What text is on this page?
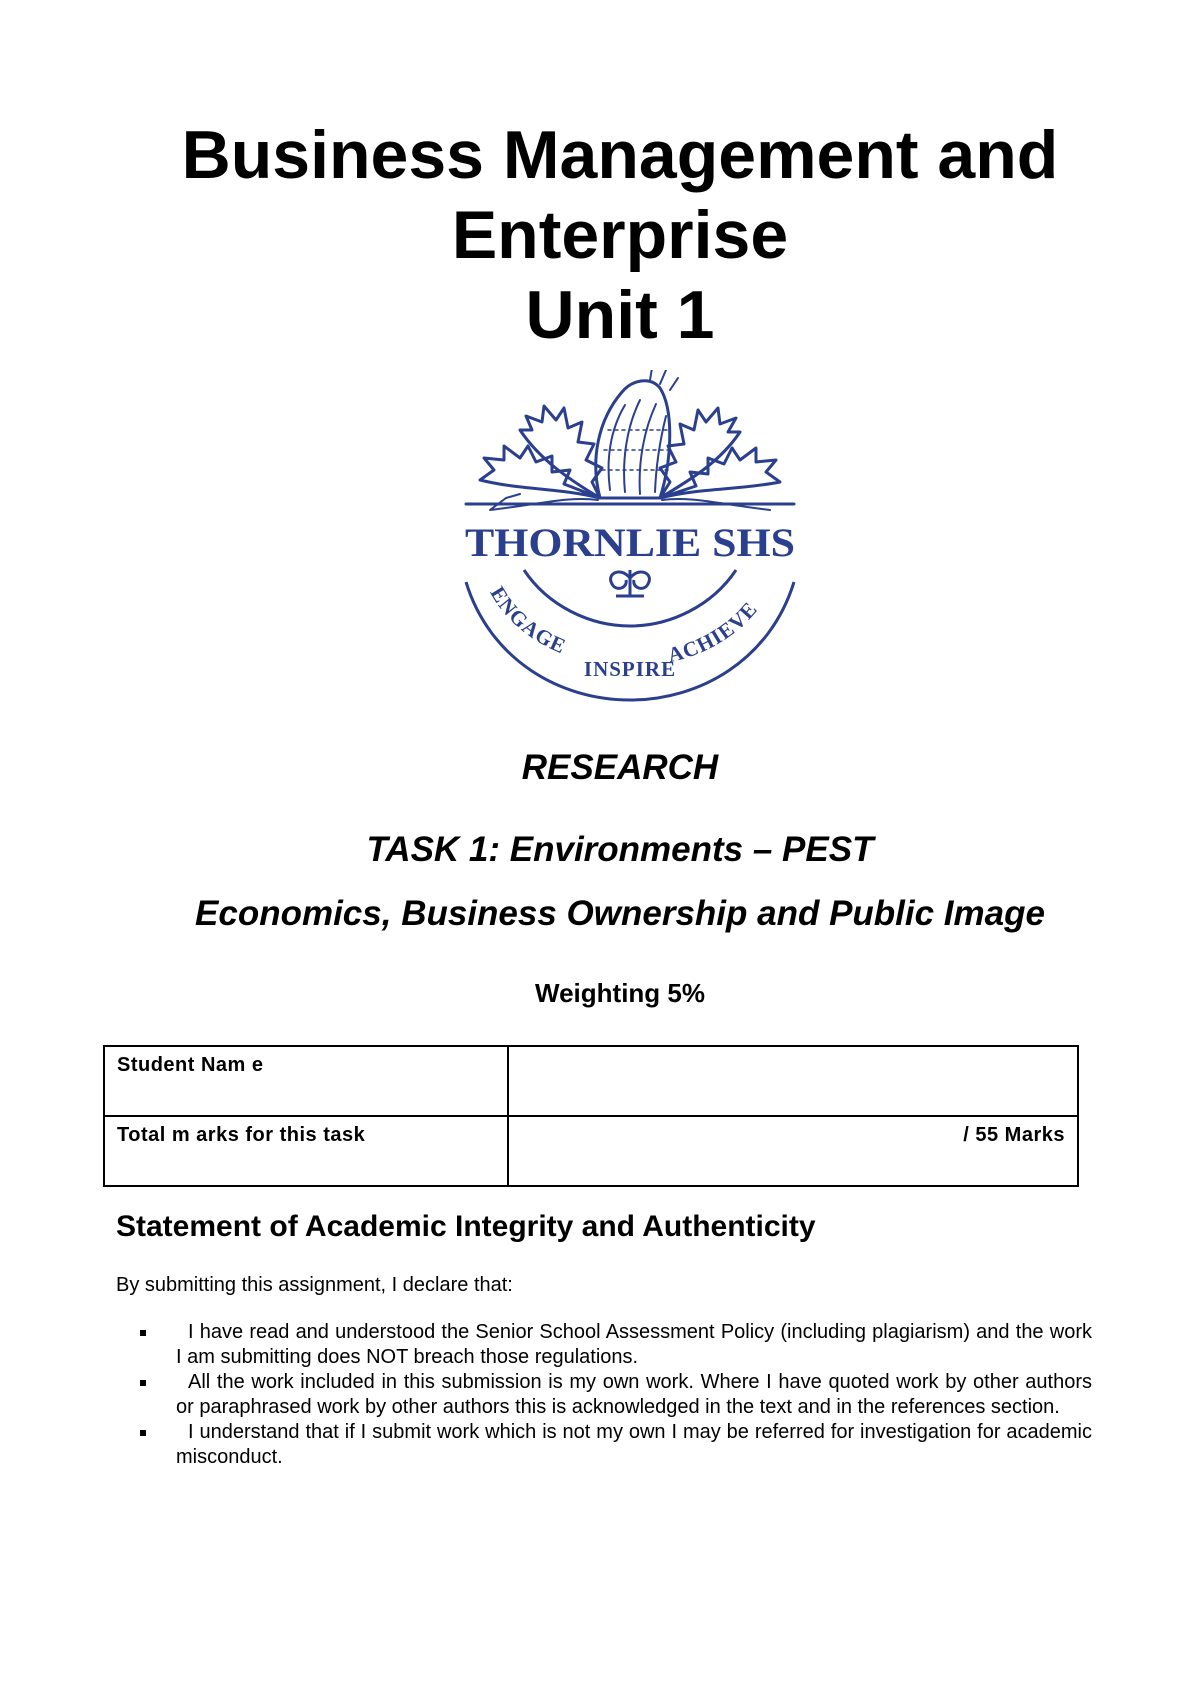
Business Management and
Enterprise
Unit 1
THORNLIE SHS
ENGAGE
INSPIRE
ACHIEVE
RESEARCH
TASK 1: Environments – PEST
Economics, Business Ownership and Public Image
Weighting 5%
Student Nam e	
Total m arks for this task	/ 55 Marks
Statement of Academic Integrity and Authenticity
By submitting this assignment, I declare that:
I have read and understood the Senior School Assessment Policy (including plagiarism) and the work I am submitting does NOT breach those regulations.
All the work included in this submission is my own work. Where I have quoted work by other authors or paraphrased work by other authors this is acknowledged in the text and in the references section.
I understand that if I submit work which is not my own I may be referred for investigation for academic misconduct.
